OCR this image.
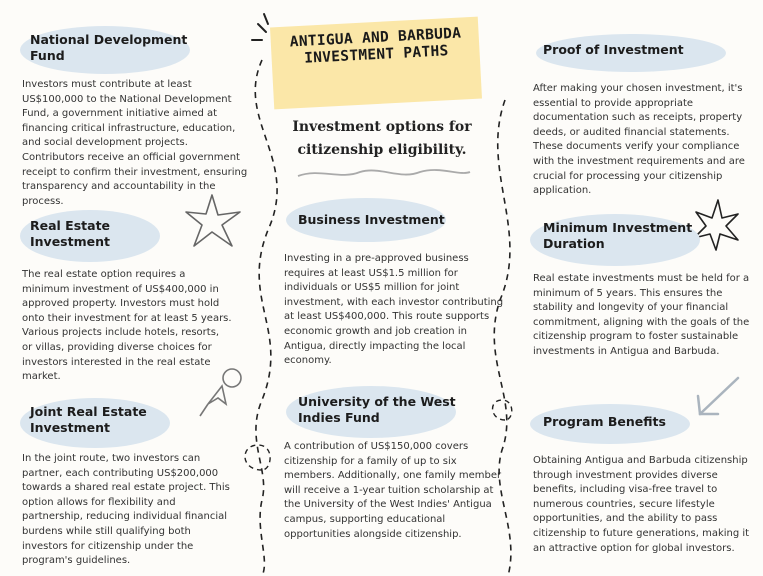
ANTIGUA AND BARBUDA INVESTMENT PATHS
Investment options for citizenship eligibility.
National Development Fund

Investors must contribute at least US$100,000 to the National Development Fund, a government initiative aimed at financing critical infrastructure, education, and social development projects. Contributors receive an official government receipt to confirm their investment, ensuring transparency and accountability in the process.

Real Estate Investment

The real estate option requires a minimum investment of US$400,000 in approved property. Investors must hold onto their investment for at least 5 years. Various projects include hotels, resorts, or villas, providing diverse choices for investors interested in the real estate market.

Joint Real Estate Investment

In the joint route, two investors can partner, each contributing US$200,000 towards a shared real estate project. This option allows for flexibility and partnership, reducing individual financial burdens while still qualifying both investors for citizenship under the program's guidelines.

Business Investment

Investing in a pre-approved business requires at least US$1.5 million for individuals or US$5 million for joint investment, with each investor contributing at least US$400,000. This route supports economic growth and job creation in Antigua, directly impacting the local economy.

University of the West Indies Fund

A contribution of US$150,000 covers citizenship for a family of up to six members. Additionally, one family member will receive a 1-year tuition scholarship at the University of the West Indies' Antigua campus, supporting educational opportunities alongside citizenship.

Proof of Investment

After making your chosen investment, it's essential to provide appropriate documentation such as receipts, property deeds, or audited financial statements. These documents verify your compliance with the investment requirements and are crucial for processing your citizenship application.

Minimum Investment Duration

Real estate investments must be held for a minimum of 5 years. This ensures the stability and longevity of your financial commitment, aligning with the goals of the citizenship program to foster sustainable investments in Antigua and Barbuda.

Program Benefits

Obtaining Antigua and Barbuda citizenship through investment provides diverse benefits, including visa-free travel to numerous countries, secure lifestyle opportunities, and the ability to pass citizenship to future generations, making it an attractive option for global investors.
